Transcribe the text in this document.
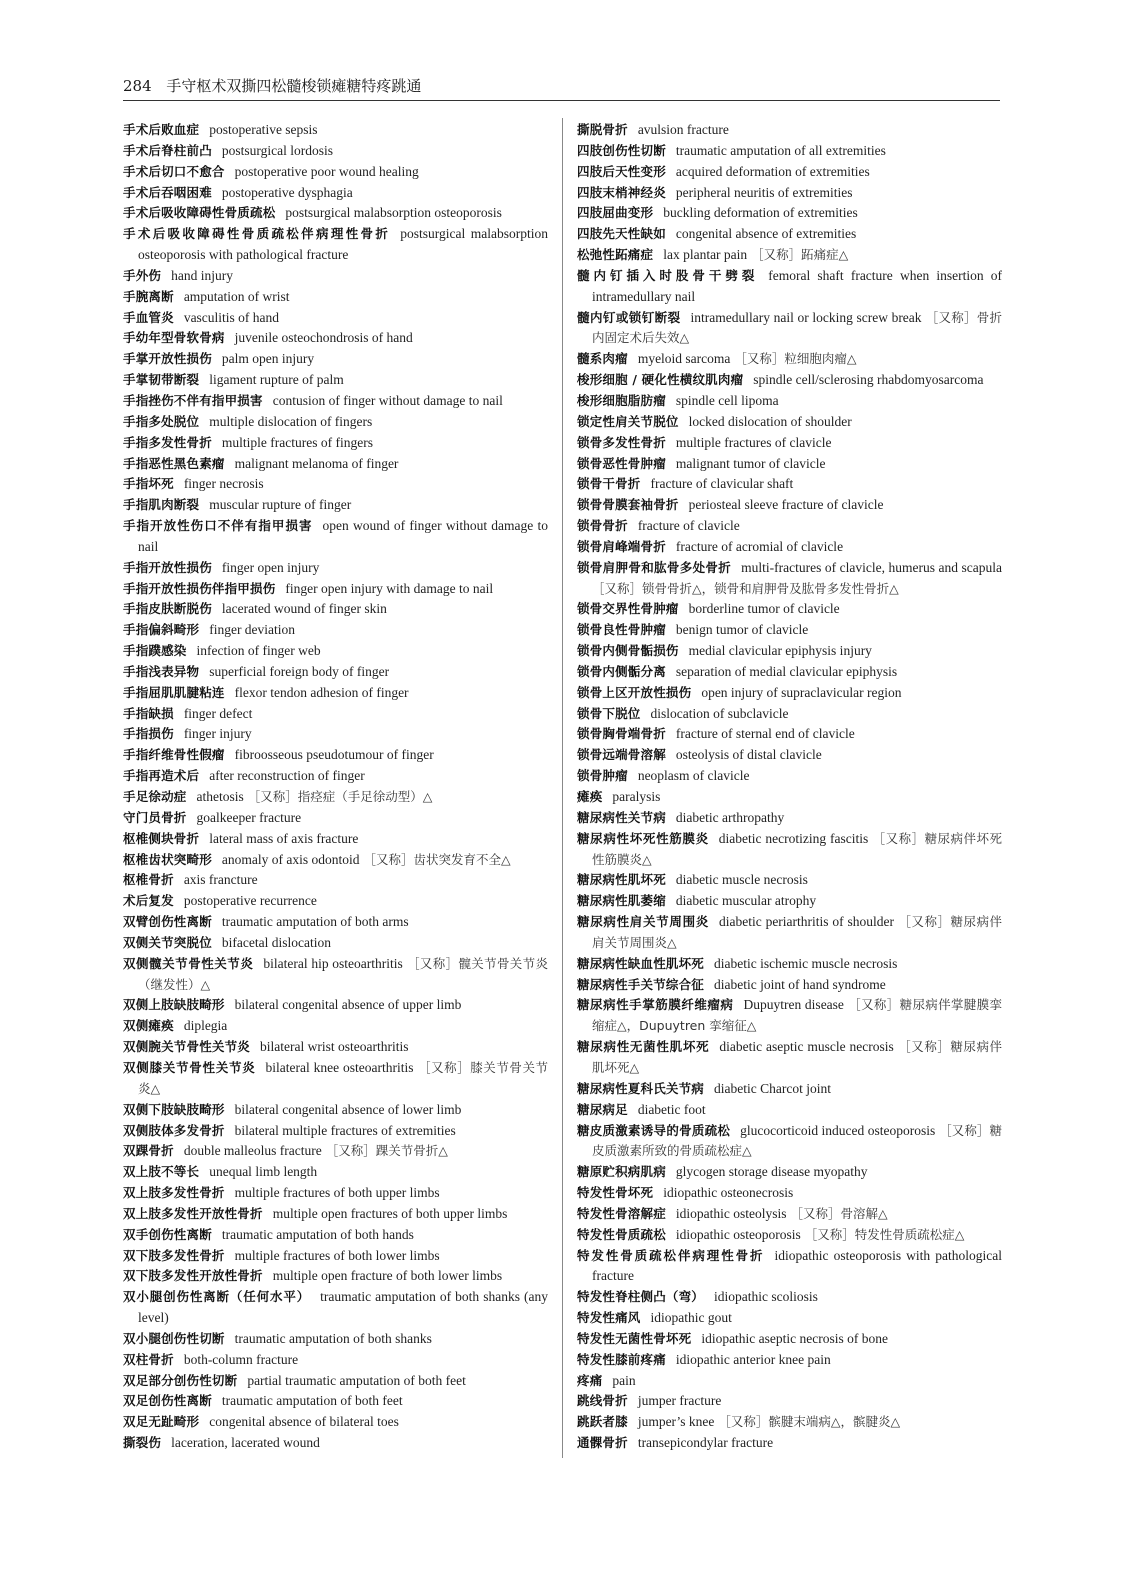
284 手守枢术双撕四松髓梭锁瘫糖特疼跳通
手术后败血症 postoperative sepsis
手术后脊柱前凸 postsurgical lordosis
手术后切口不愈合 postoperative poor wound healing
手术后吞咽困难 postoperative dysphagia
手术后吸收障碍性骨质疏松 postsurgical malabsorption osteoporosis
手术后吸收障碍性骨质疏松伴病理性骨折 postsurgical malabsorption osteoporosis with pathological fracture
手外伤 hand injury
手腕离断 amputation of wrist
手血管炎 vasculitis of hand
手幼年型骨软骨病 juvenile osteochondrosis of hand
手掌开放性损伤 palm open injury
手掌韧带断裂 ligament rupture of palm
手指挫伤不伴有指甲损害 contusion of finger without damage to nail
手指多处脱位 multiple dislocation of fingers
手指多发性骨折 multiple fractures of fingers
手指恶性黑色素瘤 malignant melanoma of finger
手指坏死 finger necrosis
手指肌肉断裂 muscular rupture of finger
手指开放性伤口不伴有指甲损害 open wound of finger without damage to nail
手指开放性损伤 finger open injury
手指开放性损伤伴指甲损伤 finger open injury with damage to nail
手指皮肤断脱伤 lacerated wound of finger skin
手指偏斜畸形 finger deviation
手指蹼感染 infection of finger web
手指浅表异物 superficial foreign body of finger
手指屈肌肌腱粘连 flexor tendon adhesion of finger
手指缺损 finger defect
手指损伤 finger injury
手指纤维骨性假瘤 fibroosseous pseudotumour of finger
手指再造术后 after reconstruction of finger
手足徐动症 athetosis ［又称］指痉症（手足徐动型）△
守门员骨折 goalkeeper fracture
枢椎侧块骨折 lateral mass of axis fracture
枢椎齿状突畸形 anomaly of axis odontoid ［又称］齿状突发育不全△
枢椎骨折 axis francture
术后复发 postoperative recurrence
双臂创伤性离断 traumatic amputation of both arms
双侧关节突脱位 bifacetal dislocation
双侧髋关节骨性关节炎 bilateral hip osteoarthritis ［又称］髋关节骨关节炎（继发性）△
双侧上肢缺肢畸形 bilateral congenital absence of upper limb
双侧瘫痪 diplegia
双侧腕关节骨性关节炎 bilateral wrist osteoarthritis
双侧膝关节骨性关节炎 bilateral knee osteoarthritis ［又称］膝关节骨关节炎△
双侧下肢缺肢畸形 bilateral congenital absence of lower limb
双侧肢体多发骨折 bilateral multiple fractures of extremities
双踝骨折 double malleolus fracture ［又称］踝关节骨折△
双上肢不等长 unequal limb length
双上肢多发性骨折 multiple fractures of both upper limbs
双上肢多发性开放性骨折 multiple open fractures of both upper limbs
双手创伤性离断 traumatic amputation of both hands
双下肢多发性骨折 multiple fractures of both lower limbs
双下肢多发性开放性骨折 multiple open fracture of both lower limbs
双小腿创伤性离断（任何水平） traumatic amputation of both shanks (any level)
双小腿创伤性切断 traumatic amputation of both shanks
双柱骨折 both-column fracture
双足部分创伤性切断 partial traumatic amputation of both feet
双足创伤性离断 traumatic amputation of both feet
双足无趾畸形 congenital absence of bilateral toes
撕裂伤 laceration, lacerated wound
撕脱骨折 avulsion fracture
四肢创伤性切断 traumatic amputation of all extremities
四肢后天性变形 acquired deformation of extremities
四肢末梢神经炎 peripheral neuritis of extremities
四肢屈曲变形 buckling deformation of extremities
四肢先天性缺如 congenital absence of extremities
松弛性跖痛症 lax plantar pain ［又称］跖痛症△
髓内钉插入时股骨干劈裂 femoral shaft fracture when insertion of intramedullary nail
髓内钉或锁钉断裂 intramedullary nail or locking screw break ［又称］骨折内固定术后失效△
髓系肉瘤 myeloid sarcoma ［又称］粒细胞肉瘤△
梭形细胞 / 硬化性横纹肌肉瘤 spindle cell/sclerosing rhabdomyosarcoma
梭形细胞脂肪瘤 spindle cell lipoma
锁定性肩关节脱位 locked dislocation of shoulder
锁骨多发性骨折 multiple fractures of clavicle
锁骨恶性骨肿瘤 malignant tumor of clavicle
锁骨干骨折 fracture of clavicular shaft
锁骨骨膜套袖骨折 periosteal sleeve fracture of clavicle
锁骨骨折 fracture of clavicle
锁骨肩峰端骨折 fracture of acromial of clavicle
锁骨肩胛骨和肱骨多处骨折 multi-fractures of clavicle, humerus and scapula［又称］锁骨骨折△，锁骨和肩胛骨及肱骨多发性骨折△
锁骨交界性骨肿瘤 borderline tumor of clavicle
锁骨良性骨肿瘤 benign tumor of clavicle
锁骨内侧骨骺损伤 medial clavicular epiphysis injury
锁骨内侧骺分离 separation of medial clavicular epiphysis
锁骨上区开放性损伤 open injury of supraclavicular region
锁骨下脱位 dislocation of subclavicle
锁骨胸骨端骨折 fracture of sternal end of clavicle
锁骨远端骨溶解 osteolysis of distal clavicle
锁骨肿瘤 neoplasm of clavicle
瘫痪 paralysis
糖尿病性关节病 diabetic arthropathy
糖尿病性坏死性筋膜炎 diabetic necrotizing fascitis ［又称］糖尿病伴坏死性筋膜炎△
糖尿病性肌坏死 diabetic muscle necrosis
糖尿病性肌萎缩 diabetic muscular atrophy
糖尿病性肩关节周围炎 diabetic periarthritis of shoulder ［又称］糖尿病伴肩关节周围炎△
糖尿病性缺血性肌坏死 diabetic ischemic muscle necrosis
糖尿病性手关节综合征 diabetic joint of hand syndrome
糖尿病性手掌筋膜纤维瘤病 Dupuytren disease ［又称］糖尿病伴掌腱膜挛缩症△，Dupuytren 挛缩征△
糖尿病性无菌性肌坏死 diabetic aseptic muscle necrosis ［又称］糖尿病伴肌坏死△
糖尿病性夏科氏关节病 diabetic Charcot joint
糖尿病足 diabetic foot
糖皮质激素诱导的骨质疏松 glucocorticoid induced osteoporosis ［又称］糖皮质激素所致的骨质疏松症△
糖原贮积病肌病 glycogen storage disease myopathy
特发性骨坏死 idiopathic osteonecrosis
特发性骨溶解症 idiopathic osteolysis ［又称］骨溶解△
特发性骨质疏松 idiopathic osteoporosis ［又称］特发性骨质疏松症△
特发性骨质疏松伴病理性骨折 idiopathic osteoporosis with pathological fracture
特发性脊柱侧凸（弯） idiopathic scoliosis
特发性痛风 idiopathic gout
特发性无菌性骨坏死 idiopathic aseptic necrosis of bone
特发性膝前疼痛 idiopathic anterior knee pain
疼痛 pain
跳线骨折 jumper fracture
跳跃者膝 jumper’s knee ［又称］髌腱末端病△，髌腱炎△
通髁骨折 transepicondylar fracture
